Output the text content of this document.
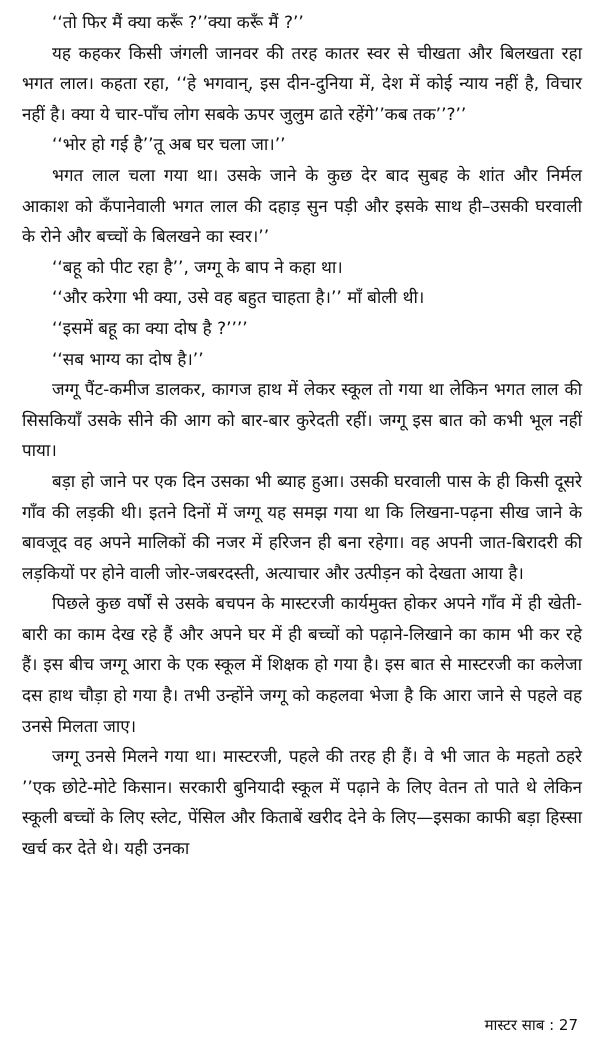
‘‘तो फिर मैं क्या करूँ ?’’क्या करूँ मैं ?’’

यह कहकर किसी जंगली जानवर की तरह कातर स्वर से चीखता और बिलखता रहा भगत लाल। कहता रहा, ‘‘हे भगवान्, इस दीन-दुनिया में, देश में कोई न्याय नहीं है, विचार नहीं है। क्या ये चार-पाँच लोग सबके ऊपर जुलुम ढाते रहेंगे’’कब तक’’?’’

‘‘भोर हो गई है’’तू अब घर चला जा।’’

भगत लाल चला गया था। उसके जाने के कुछ देर बाद सुबह के शांत और निर्मल आकाश को कँपानेवाली भगत लाल की दहाड़ सुन पड़ी और इसके साथ ही–उसकी घरवाली के रोने और बच्चों के बिलखने का स्वर।’’

‘‘बहू को पीट रहा है’’, जग्गू के बाप ने कहा था।

‘‘और करेगा भी क्या, उसे वह बहुत चाहता है।’’ माँ बोली थी।

‘‘इसमें बहू का क्या दोष है ?’’’’

‘‘सब भाग्य का दोष है।’’

जग्गू पैंट-कमीज डालकर, कागज हाथ में लेकर स्कूल तो गया था लेकिन भगत लाल की सिसकियाँ उसके सीने की आग को बार-बार कुरेदती रहीं। जग्गू इस बात को कभी भूल नहीं पाया।

बड़ा हो जाने पर एक दिन उसका भी ब्याह हुआ। उसकी घरवाली पास के ही किसी दूसरे गाँव की लड़की थी। इतने दिनों में जग्गू यह समझ गया था कि लिखना-पढ़ना सीख जाने के बावजूद वह अपने मालिकों की नजर में हरिजन ही बना रहेगा। वह अपनी जात-बिरादरी की लड़कियों पर होने वाली जोर-जबरदस्ती, अत्याचार और उत्पीड़न को देखता आया है।

पिछले कुछ वर्षों से उसके बचपन के मास्टरजी कार्यमुक्त होकर अपने गाँव में ही खेती-बारी का काम देख रहे हैं और अपने घर में ही बच्चों को पढ़ाने-लिखाने का काम भी कर रहे हैं। इस बीच जग्गू आरा के एक स्कूल में शिक्षक हो गया है। इस बात से मास्टरजी का कलेजा दस हाथ चौड़ा हो गया है। तभी उन्होंने जग्गू को कहलवा भेजा है कि आरा जाने से पहले वह उनसे मिलता जाए।

जग्गू उनसे मिलने गया था। मास्टरजी, पहले की तरह ही हैं। वे भी जात के महतो ठहरे ’’एक छोटे-मोटे किसान। सरकारी बुनियादी स्कूल में पढ़ाने के लिए वेतन तो पाते थे लेकिन स्कूली बच्चों के लिए स्लेट, पेंसिल और किताबें खरीद देने के लिए—इसका काफी बड़ा हिस्सा खर्च कर देते थे। यही उनका

मास्टर साब : 27
